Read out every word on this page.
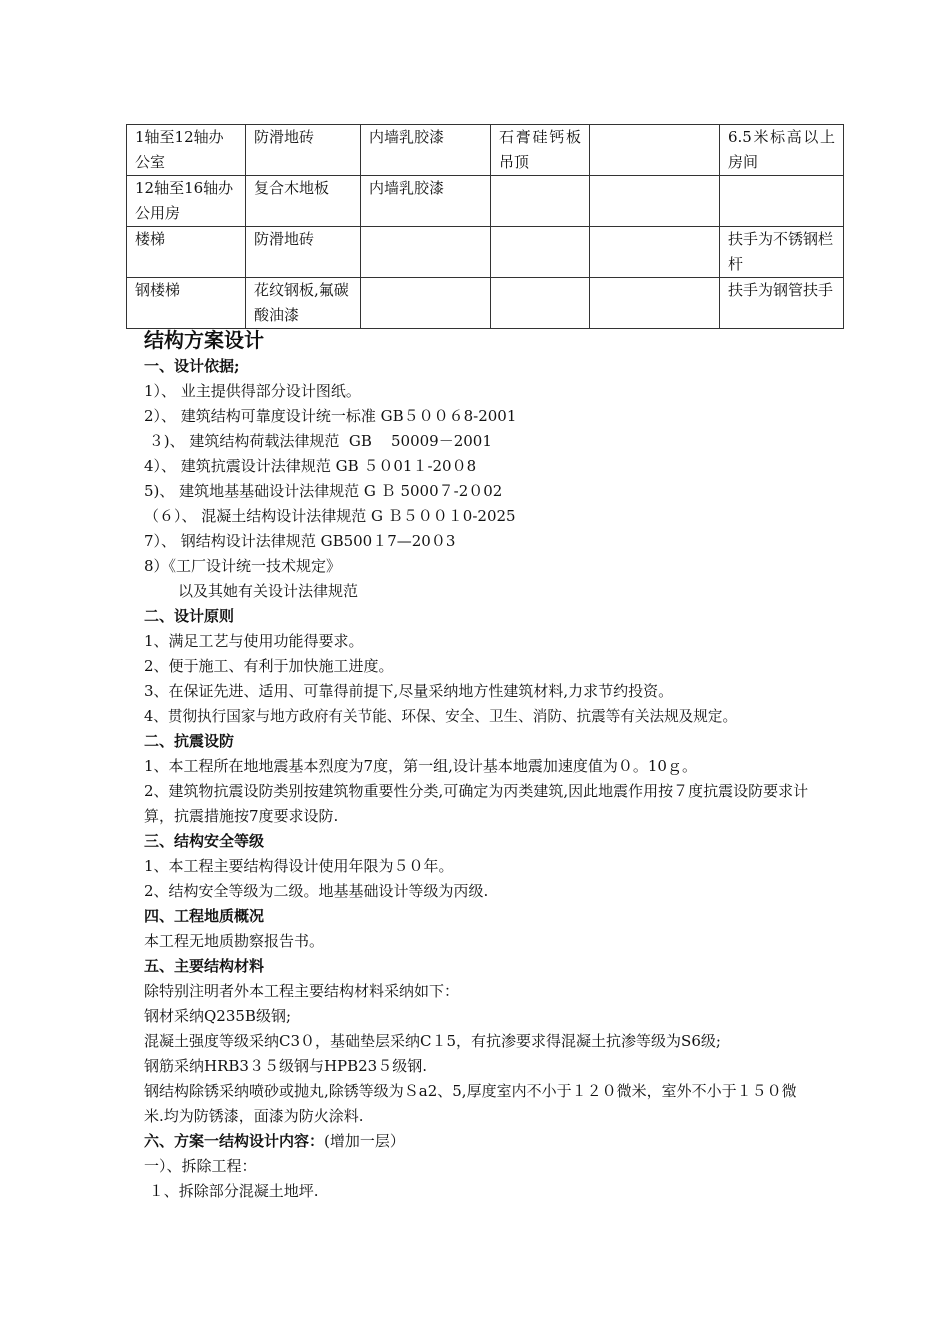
1轴至12轴办公室	防滑地砖	内墙乳胶漆	石膏硅钙板吊顶		6.5米标高以上房间
12轴至16轴办公用房	复合木地板	内墙乳胶漆			
楼梯	防滑地砖				扶手为不锈钢栏杆
钢楼梯	花纹钢板,氟碳酸油漆				扶手为钢管扶手
结构方案设计
一、设计依据;
1）、 业主提供得部分设计图纸。
2）、 建筑结构可靠度设计统一标准 GB５００６8-2001
３)、 建筑结构荷载法律规范  GB    50009－2001
4）、 建筑抗震设计法律规范 GB ５０01１-20０8
5)、 建筑地基基础设计法律规范 G Ｂ 5000７-2０02
（６）、 混凝土结构设计法律规范 G Ｂ５００１0-2025
7）、 钢结构设计法律规范 GB500１7—20０3
8）《工厂设计统一技术规定》
以及其她有关设计法律规范
二、设计原则
1、满足工艺与使用功能得要求。
2、便于施工、有利于加快施工进度。
3、在保证先进、适用、可靠得前提下,尽量采纳地方性建筑材料,力求节约投资。
4、贯彻执行国家与地方政府有关节能、环保、安全、卫生、消防、抗震等有关法规及规定。
二、抗震设防
1、本工程所在地地震基本烈度为7度，第一组,设计基本地震加速度值为０。10ｇ。
2、建筑物抗震设防类别按建筑物重要性分类,可确定为丙类建筑,因此地震作用按７度抗震设防要求计算，抗震措施按7度要求设防.
三、结构安全等级
1、本工程主要结构得设计使用年限为５０年。
2、结构安全等级为二级。地基基础设计等级为丙级.
四、工程地质概况
本工程无地质勘察报告书。
五、主要结构材料
除特别注明者外本工程主要结构材料采纳如下：
钢材采纳Q235B级钢;
混凝土强度等级采纳C3０，基础垫层采纳C１5，有抗渗要求得混凝土抗渗等级为S6级;
钢筋采纳HRB3３５级钢与HPB23５级钢.
钢结构除锈采纳喷砂或抛丸,除锈等级为Ｓa2、5,厚度室内不小于１２０微米，室外不小于１５０微米.均为防锈漆，面漆为防火涂料.
六、方案一结构设计内容：(增加一层）
一）、拆除工程：
１、拆除部分混凝土地坪.
